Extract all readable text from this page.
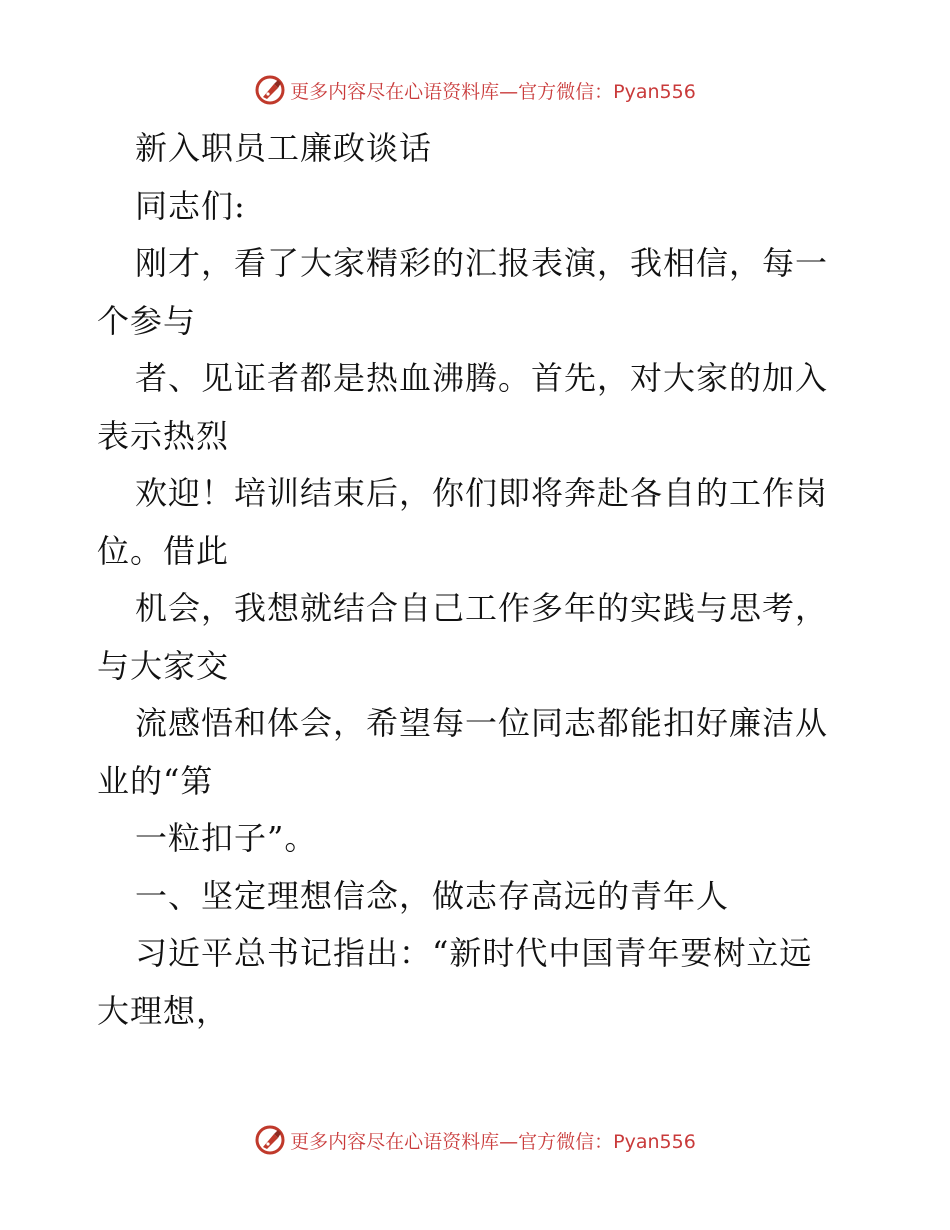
更多内容尽在心语资料库—官方微信：Pyan556
新入职员工廉政谈话
同志们:
刚才，看了大家精彩的汇报表演，我相信，每一
个参与
者、见证者都是热血沸腾。首先，对大家的加入
表示热烈
欢迎！培训结束后，你们即将奔赴各自的工作岗
位。借此
机会，我想就结合自己工作多年的实践与思考，
与大家交
流感悟和体会，希望每一位同志都能扣好廉洁从
业的“第
一粒扣子”。
一、坚定理想信念，做志存高远的青年人
习近平总书记指出：“新时代中国青年要树立远
大理想，
更多内容尽在心语资料库—官方微信：Pyan556
